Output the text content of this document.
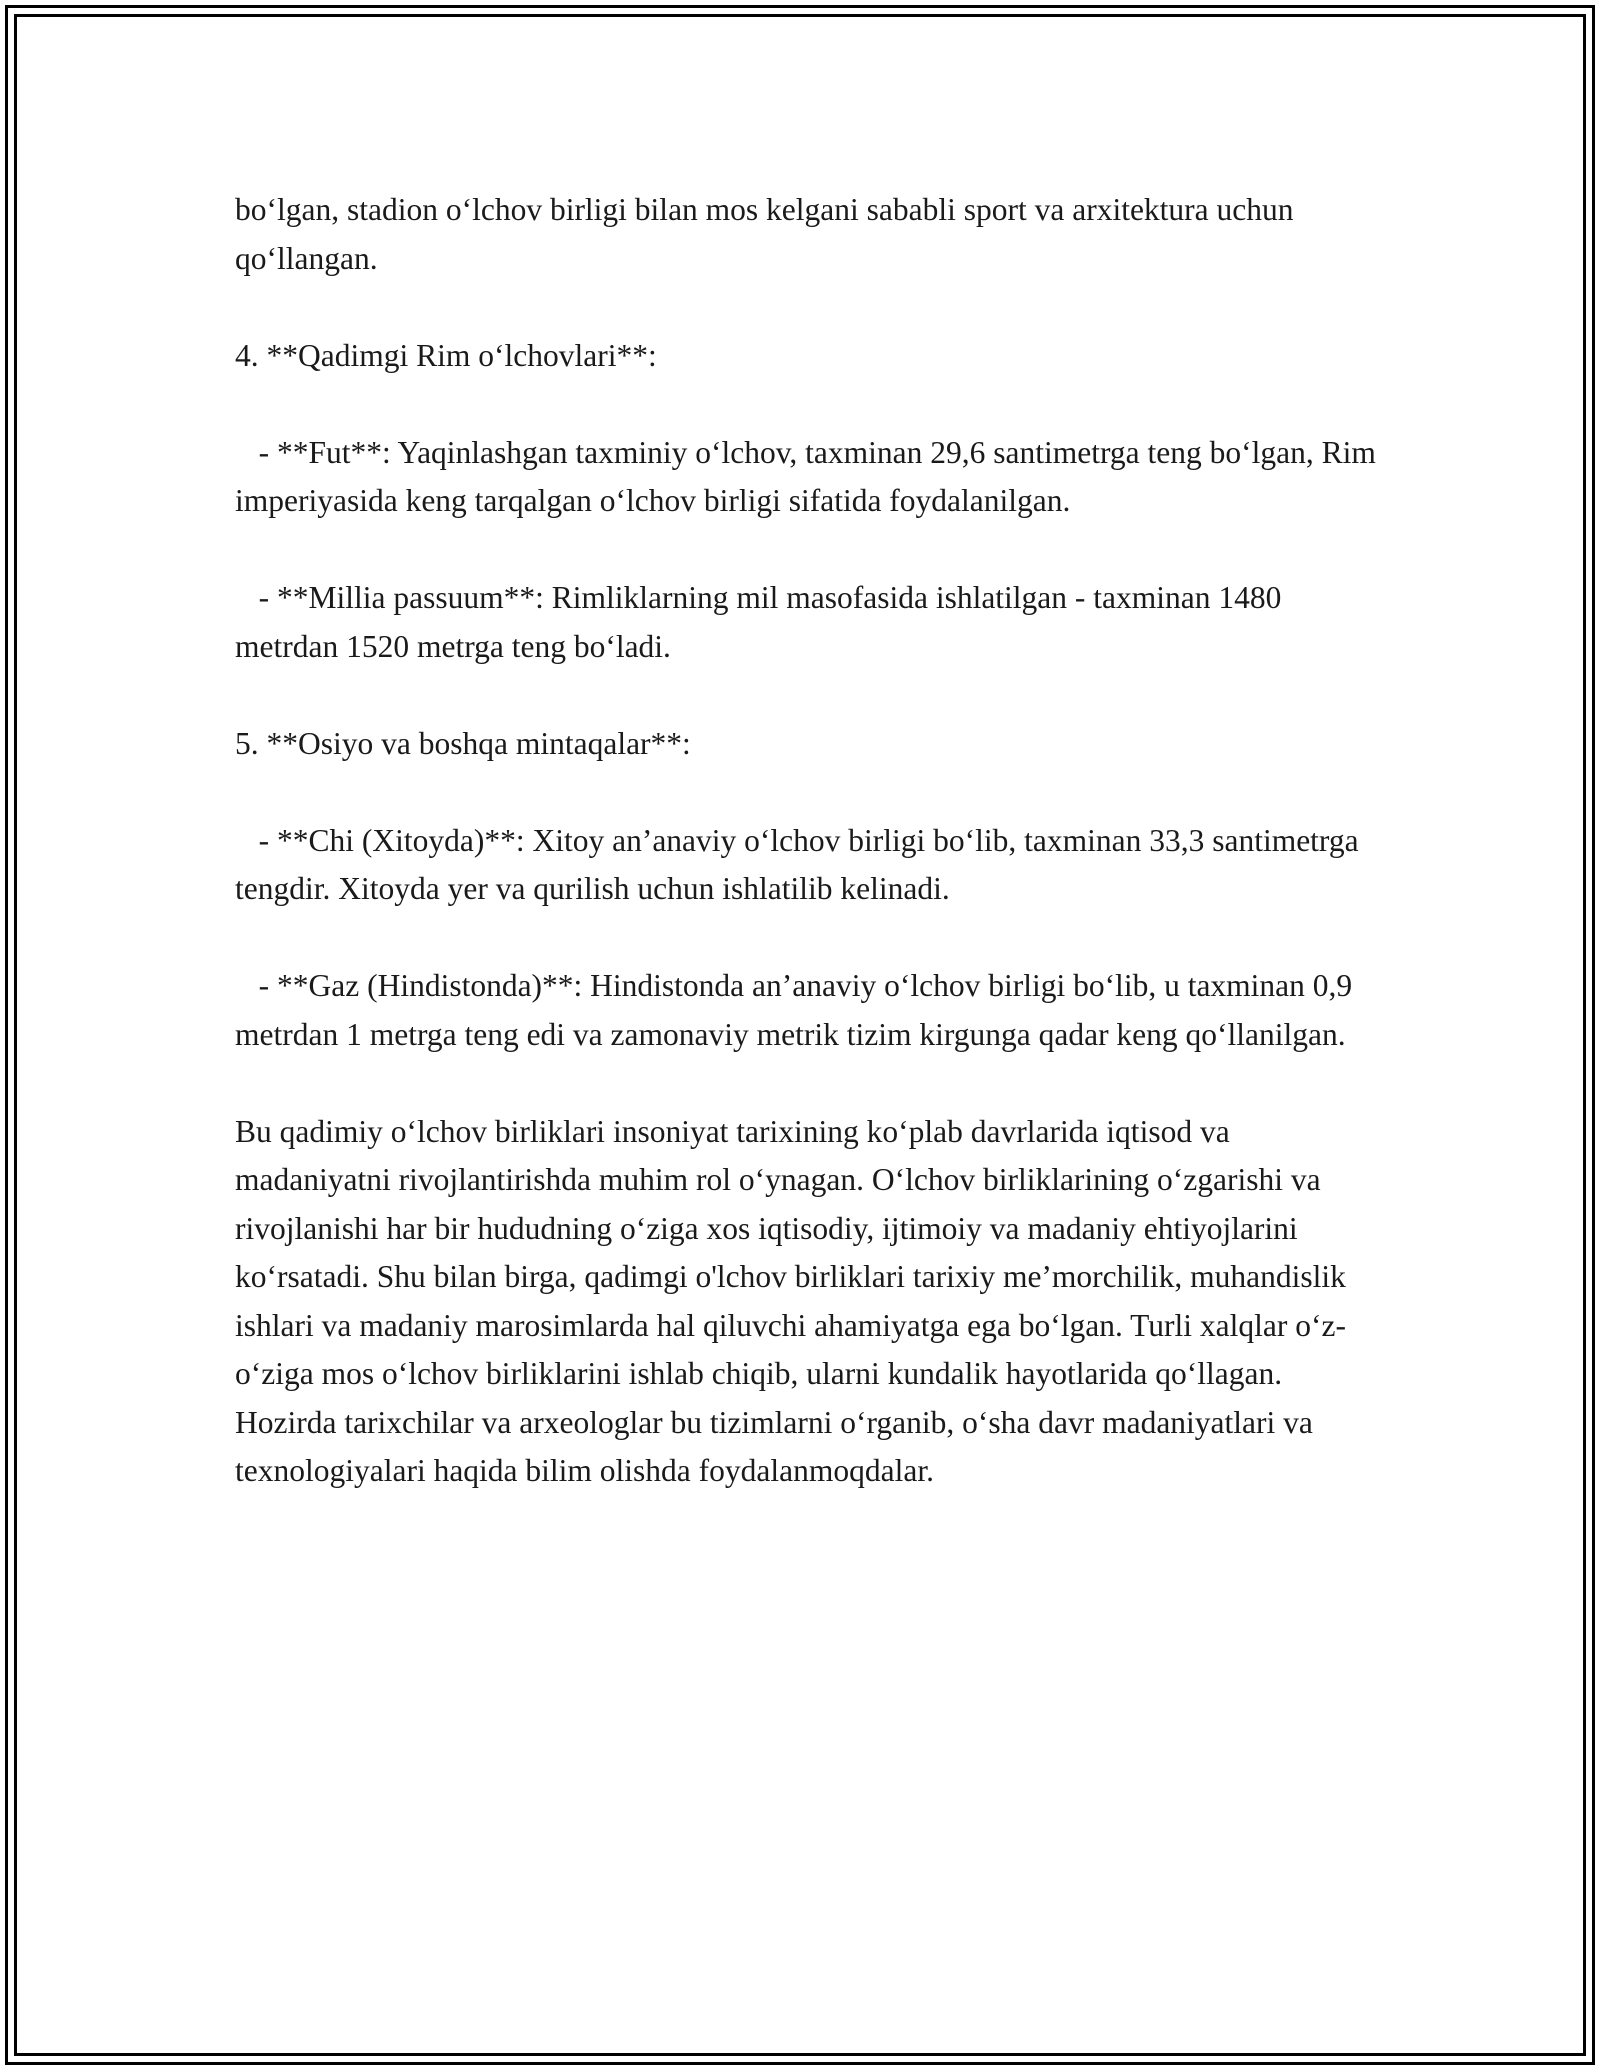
bo‘lgan, stadion o‘lchov birligi bilan mos kelgani sababli sport va arxitektura uchun qo‘llangan.

4. **Qadimgi Rim o‘lchovlari**:

- **Fut**: Yaqinlashgan taxminiy o‘lchov, taxminan 29,6 santimetrga teng bo‘lgan, Rim imperiyasida keng tarqalgan o‘lchov birligi sifatida foydalanilgan.

- **Millia passuum**: Rimliklarning mil masofasida ishlatilgan - taxminan 1480 metrdan 1520 metrga teng bo‘ladi.

5. **Osiyo va boshqa mintaqalar**:

- **Chi (Xitoyda)**: Xitoy an’anaviy o‘lchov birligi bo‘lib, taxminan 33,3 santimetrga tengdir. Xitoyda yer va qurilish uchun ishlatilib kelinadi.

- **Gaz (Hindistonda)**: Hindistonda an’anaviy o‘lchov birligi bo‘lib, u taxminan 0,9 metrdan 1 metrga teng edi va zamonaviy metrik tizim kirgunga qadar keng qo‘llanilgan.

Bu qadimiy o‘lchov birliklari insoniyat tarixining ko‘plab davrlarida iqtisod va madaniyatni rivojlantirishda muhim rol o‘ynagan. O‘lchov birliklarining o‘zgarishi va rivojlanishi har bir hududning o‘ziga xos iqtisodiy, ijtimoiy va madaniy ehtiyojlarini ko‘rsatadi. Shu bilan birga, qadimgi o'lchov birliklari tarixiy me’morchilik, muhandislik ishlari va madaniy marosimlarda hal qiluvchi ahamiyatga ega bo‘lgan. Turli xalqlar o‘z-o‘ziga mos o‘lchov birliklarini ishlab chiqib, ularni kundalik hayotlarida qo‘llagan. Hozirda tarixchilar va arxeologlar bu tizimlarni o‘rganib, o‘sha davr madaniyatlari va texnologiyalari haqida bilim olishda foydalanmoqdalar.
